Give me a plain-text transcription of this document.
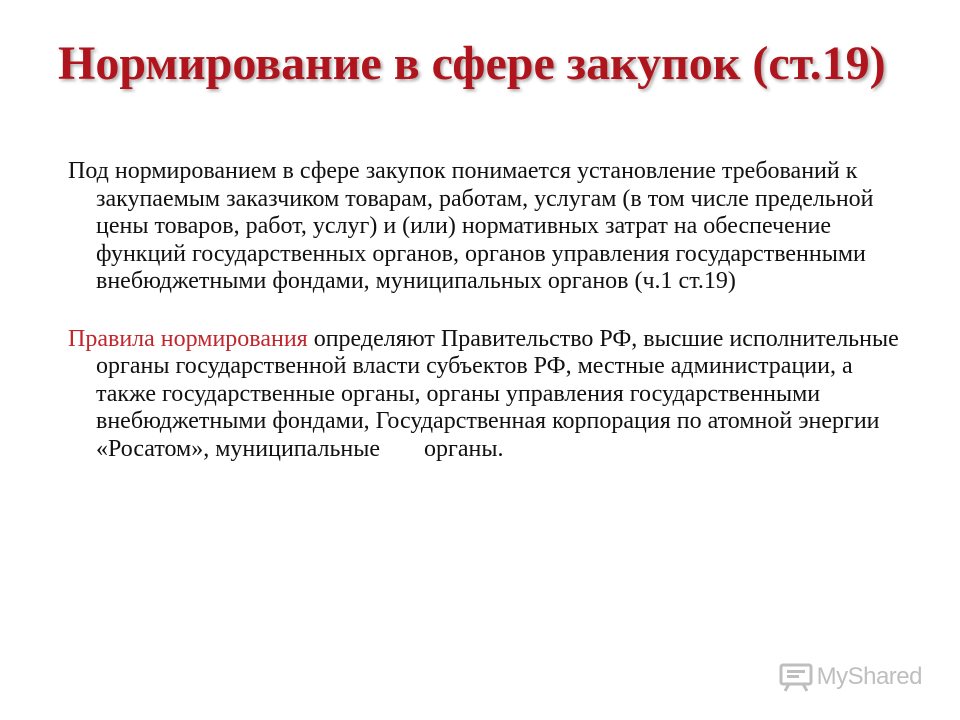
Нормирование в сфере закупок (ст.19)

Под нормированием в сфере закупок понимается установление требований к закупаемым заказчиком товарам, работам, услугам (в том числе предельной цены товаров, работ, услуг) и (или) нормативных затрат на обеспечение функций государственных органов, органов управления государственными внебюджетными фондами, муниципальных органов (ч.1 ст.19)

Правила нормирования определяют Правительство РФ, высшие исполнительные органы государственной власти субъектов РФ, местные администрации, а также государственные органы, органы управления государственными внебюджетными фондами, Государственная корпорация по атомной энергии «Росатом», муниципальные органы.

MyShared
